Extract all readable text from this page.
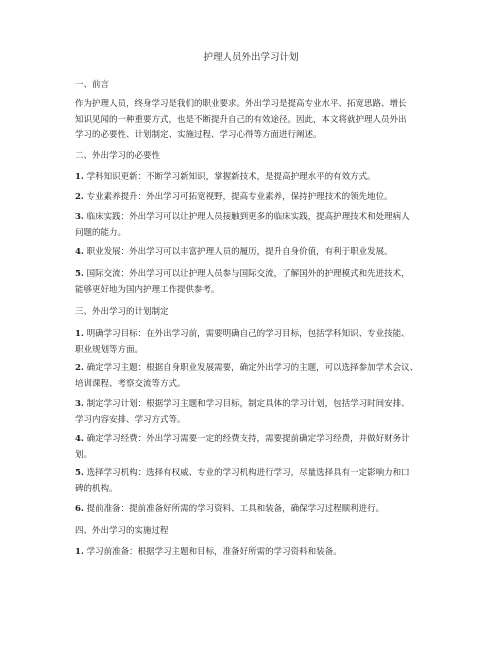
护理人员外出学习计划
一、前言
作为护理人员，终身学习是我们的职业要求。外出学习是提高专业水平、拓宽思路、增长
知识见闻的一种重要方式，也是不断提升自己的有效途径。因此，本文将就护理人员外出
学习的必要性、计划制定、实施过程、学习心得等方面进行阐述。
二、外出学习的必要性
1. 学科知识更新：不断学习新知识，掌握新技术，是提高护理水平的有效方式。
2. 专业素养提升：外出学习可拓宽视野，提高专业素养，保持护理技术的领先地位。
3. 临床实践：外出学习可以让护理人员接触到更多的临床实践，提高护理技术和处理病人
问题的能力。
4. 职业发展：外出学习可以丰富护理人员的履历，提升自身价值，有利于职业发展。
5. 国际交流：外出学习可以让护理人员参与国际交流，了解国外的护理模式和先进技术，
能够更好地为国内护理工作提供参考。
三、外出学习的计划制定
1. 明确学习目标：在外出学习前，需要明确自己的学习目标，包括学科知识、专业技能、
职业规划等方面。
2. 确定学习主题：根据自身职业发展需要，确定外出学习的主题，可以选择参加学术会议、
培训课程、考察交流等方式。
3. 制定学习计划：根据学习主题和学习目标，制定具体的学习计划，包括学习时间安排、
学习内容安排、学习方式等。
4. 确定学习经费：外出学习需要一定的经费支持，需要提前确定学习经费，并做好财务计
划。
5. 选择学习机构：选择有权威、专业的学习机构进行学习，尽量选择具有一定影响力和口
碑的机构。
6. 提前准备：提前准备好所需的学习资料、工具和装备，确保学习过程顺利进行。
四、外出学习的实施过程
1. 学习前准备：根据学习主题和目标，准备好所需的学习资料和装备。
